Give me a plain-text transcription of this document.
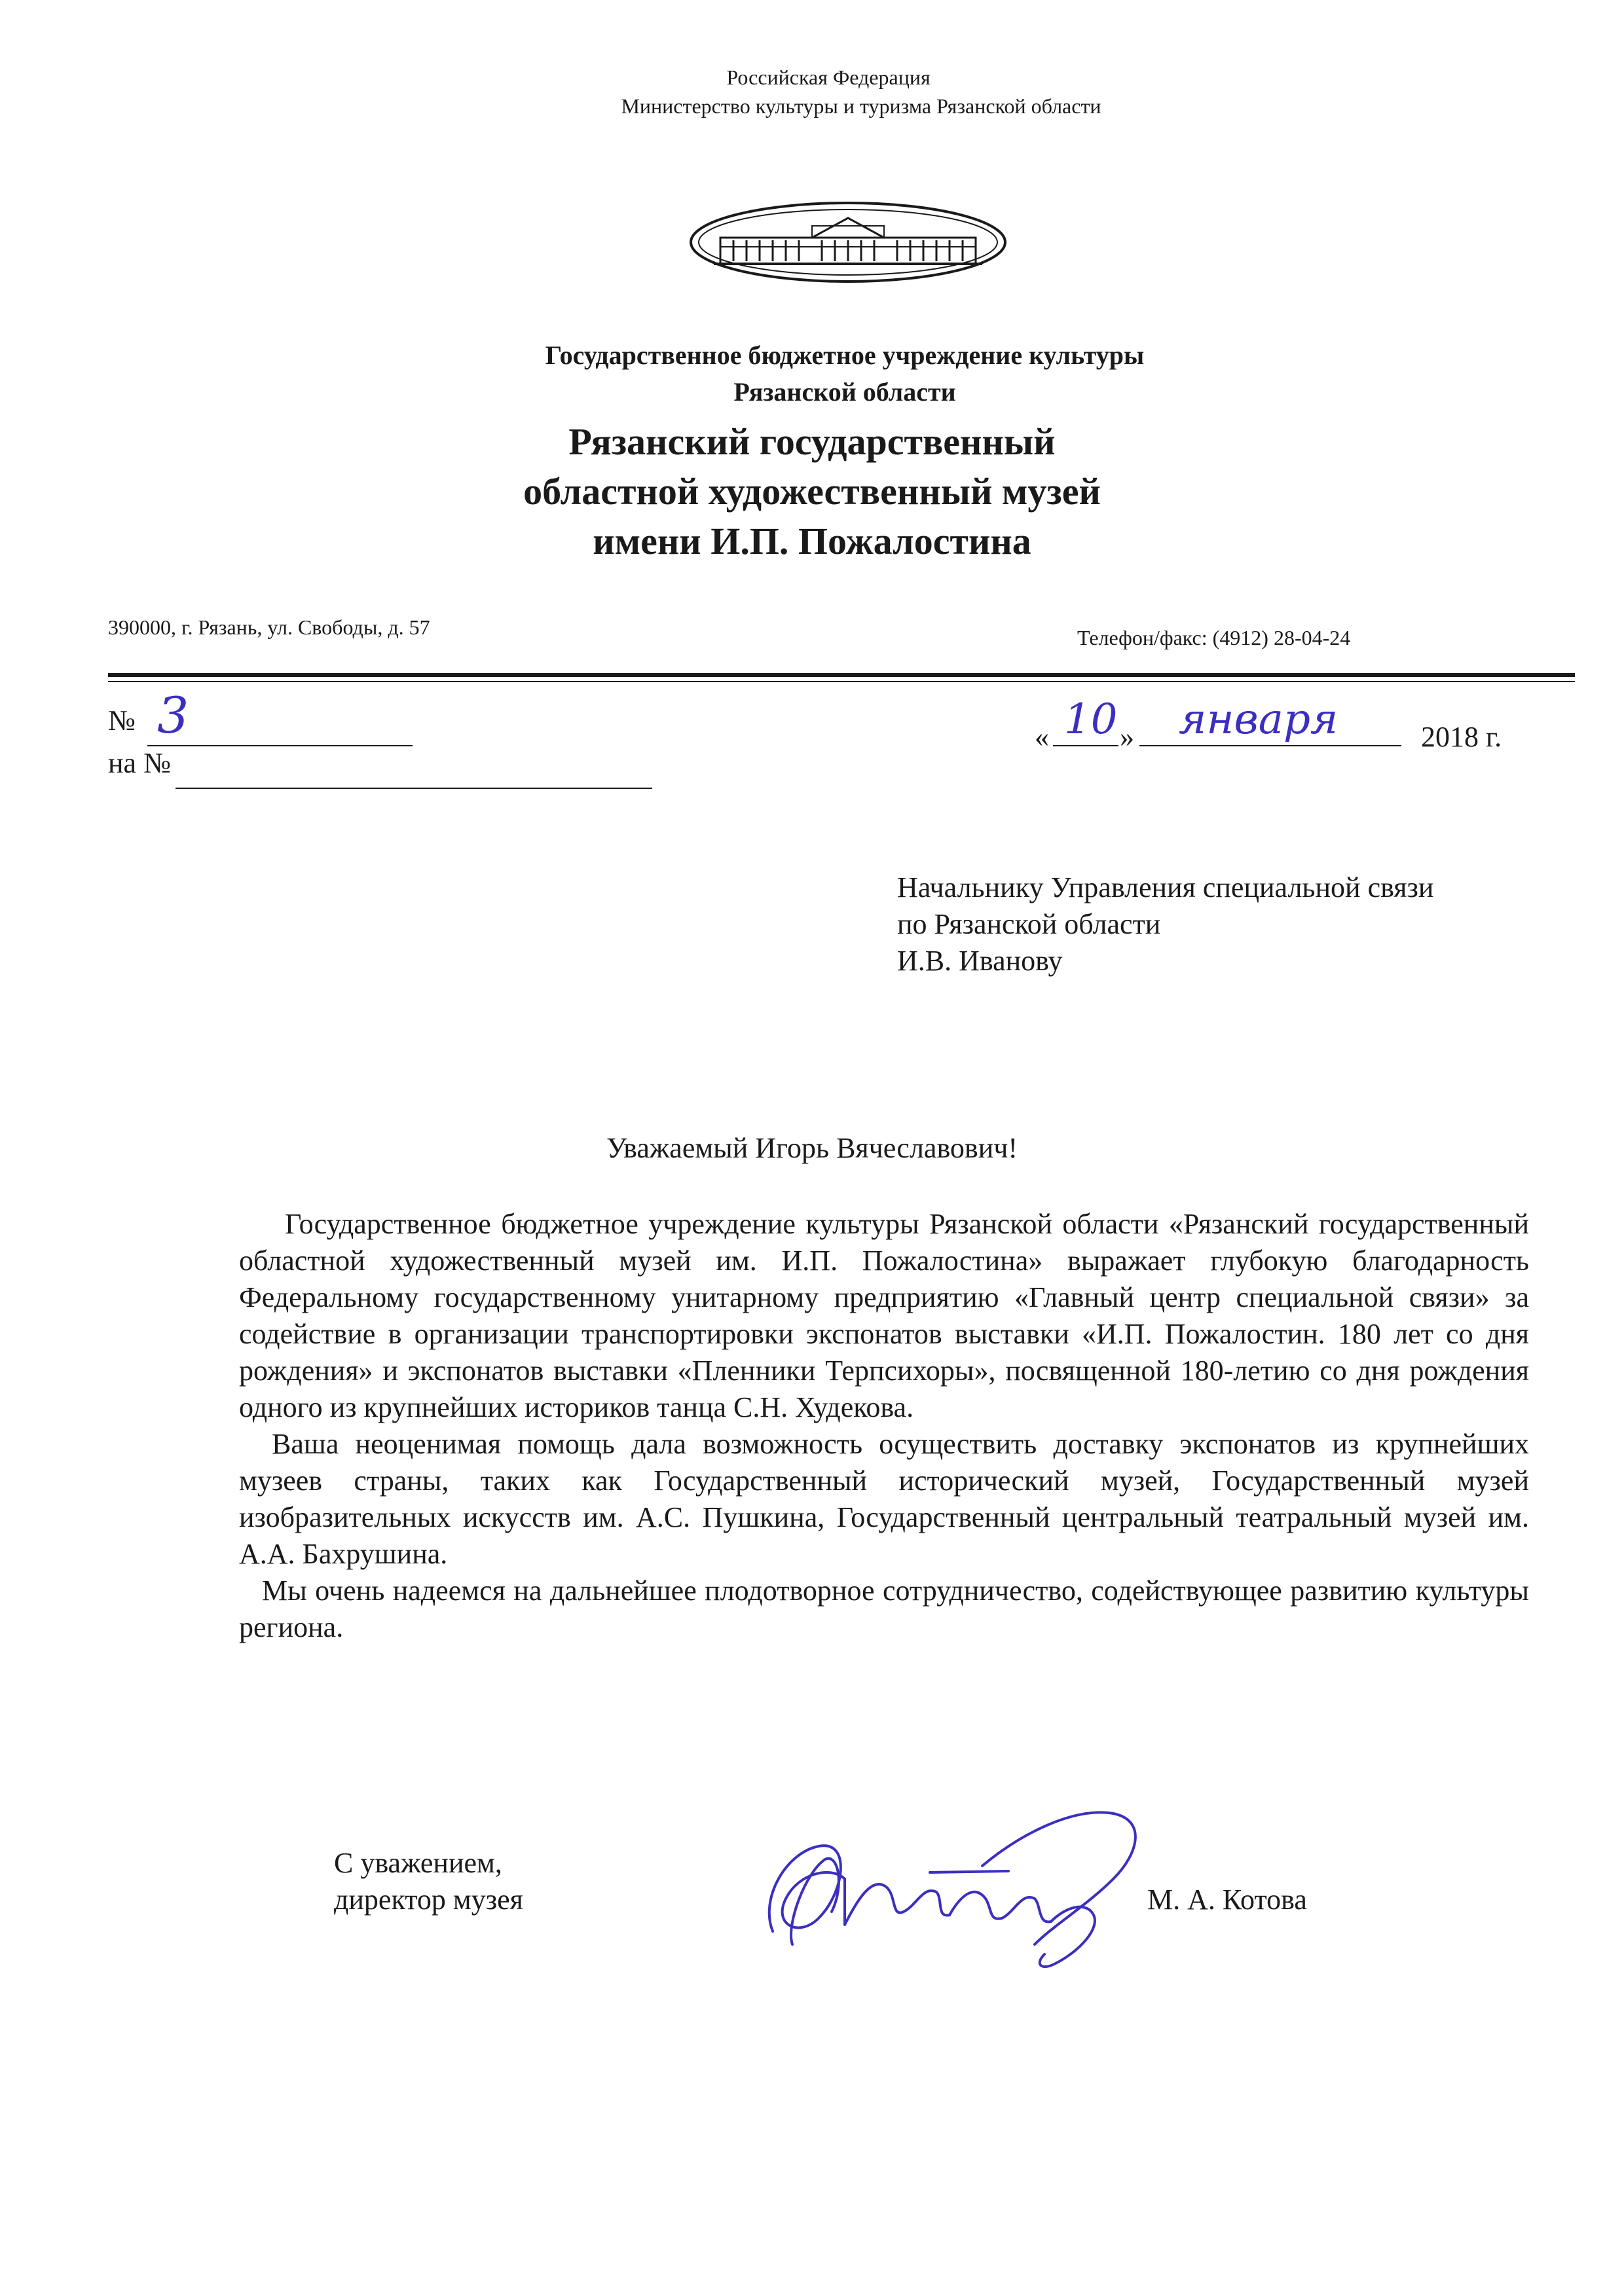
Российская Федерация
Министерство культуры и туризма Рязанской области
Государственное бюджетное учреждение культуры
Рязанской области
Рязанский государственный
областной художественный музей
имени И.П. Пожалостина
390000, г. Рязань, ул. Свободы, д. 57	Телефон/факс: (4912) 28-04-24
№ 3
на №
« 10 » января	2018 г.
Начальнику Управления специальной связи
по Рязанской области
И.В. Иванову
Уважаемый Игорь Вячеславович!

Государственное бюджетное учреждение культуры Рязанской области «Рязанский государственный областной художественный музей им. И.П. Пожалостина» выражает глубокую благодарность Федеральному государственному унитарному предприятию «Главный центр специальной связи» за содействие в организации транспортировки экспонатов выставки «И.П. Пожалостин. 180 лет со дня рождения» и экспонатов выставки «Пленники Терпсихоры», посвященной 180-летию со дня рождения одного из крупнейших историков танца С.Н. Худекова.

Ваша неоценимая помощь дала возможность осуществить доставку экспонатов из крупнейших музеев страны, таких как Государственный исторический музей, Государственный музей изобразительных искусств им. А.С. Пушкина, Государственный центральный театральный музей им. А.А. Бахрушина.

Мы очень надеемся на дальнейшее плодотворное сотрудничество, содействующее развитию культуры региона.

С уважением,
директор музея	М. А. Котова
